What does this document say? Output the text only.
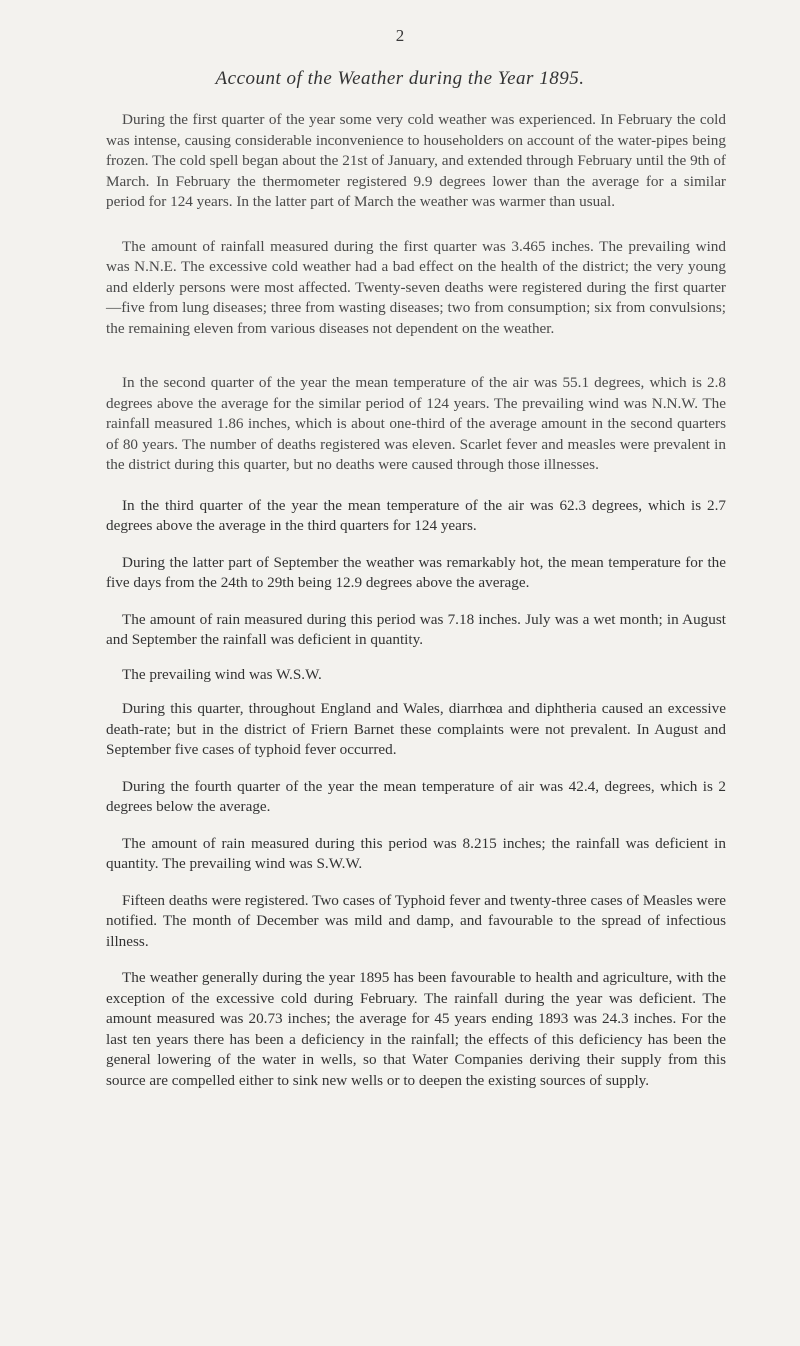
2
Account of the Weather during the Year 1895.

During the first quarter of the year some very cold weather was experienced. In February the cold was intense, causing considerable inconvenience to householders on account of the water-pipes being frozen. The cold spell began about the 21st of January, and extended through February until the 9th of March. In February the thermometer registered 9.9 degrees lower than the average for a similar period for 124 years. In the latter part of March the weather was warmer than usual.

The amount of rainfall measured during the first quarter was 3.465 inches. The prevailing wind was N.N.E. The excessive cold weather had a bad effect on the health of the district; the very young and elderly persons were most affected. Twenty-seven deaths were registered during the first quarter—five from lung diseases; three from wasting diseases; two from consumption; six from convulsions; the remaining eleven from various diseases not dependent on the weather.

In the second quarter of the year the mean temperature of the air was 55.1 degrees, which is 2.8 degrees above the average for the similar period of 124 years. The prevailing wind was N.N.W. The rainfall measured 1.86 inches, which is about one-third of the average amount in the second quarters of 80 years. The number of deaths registered was eleven. Scarlet fever and measles were prevalent in the district during this quarter, but no deaths were caused through those illnesses.

In the third quarter of the year the mean temperature of the air was 62.3 degrees, which is 2.7 degrees above the average in the third quarters for 124 years.

During the latter part of September the weather was remarkably hot, the mean temperature for the five days from the 24th to 29th being 12.9 degrees above the average.

The amount of rain measured during this period was 7.18 inches. July was a wet month; in August and September the rainfall was deficient in quantity.

The prevailing wind was W.S.W.

During this quarter, throughout England and Wales, diarrhœa and diphtheria caused an excessive death-rate; but in the district of Friern Barnet these complaints were not prevalent. In August and September five cases of typhoid fever occurred.

During the fourth quarter of the year the mean temperature of air was 42.4, degrees, which is 2 degrees below the average.

The amount of rain measured during this period was 8.215 inches; the rainfall was deficient in quantity. The prevailing wind was S.W.W.

Fifteen deaths were registered. Two cases of Typhoid fever and twenty-three cases of Measles were notified. The month of December was mild and damp, and favourable to the spread of infectious illness.

The weather generally during the year 1895 has been favourable to health and agriculture, with the exception of the excessive cold during February. The rainfall during the year was deficient. The amount measured was 20.73 inches; the average for 45 years ending 1893 was 24.3 inches. For the last ten years there has been a deficiency in the rainfall; the effects of this deficiency has been the general lowering of the water in wells, so that Water Companies deriving their supply from this source are compelled either to sink new wells or to deepen the existing sources of supply.
